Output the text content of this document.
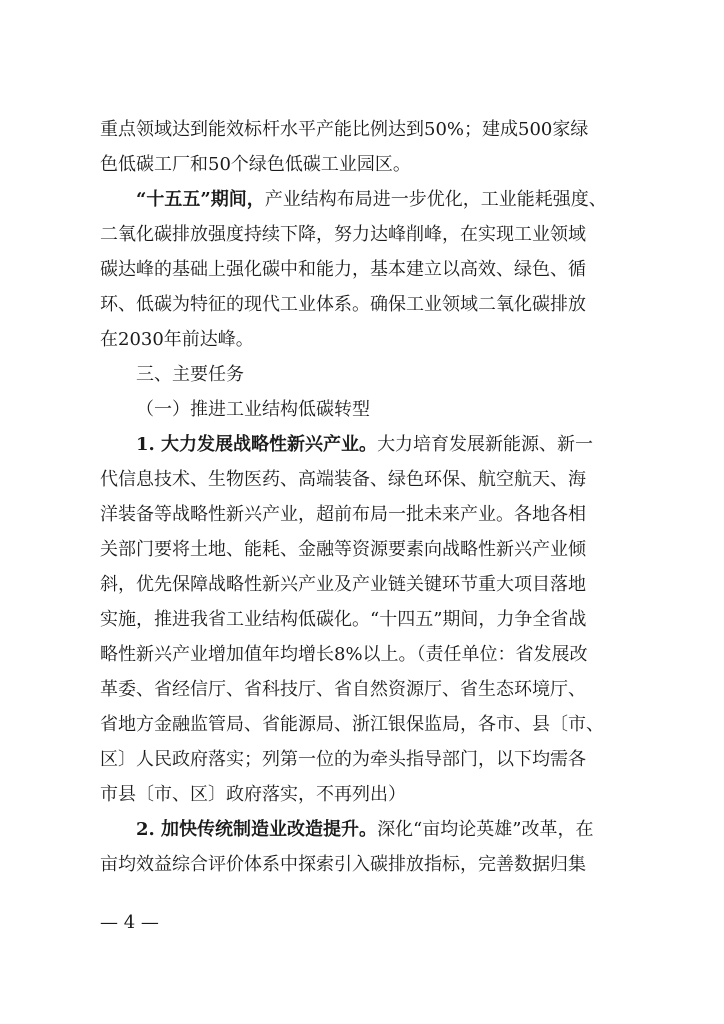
重点领域达到能效标杆水平产能比例达到50%；建成500家绿
色低碳工厂和50个绿色低碳工业园区。
“十五五”期间，产业结构布局进一步优化，工业能耗强度、
二氧化碳排放强度持续下降，努力达峰削峰，在实现工业领域
碳达峰的基础上强化碳中和能力，基本建立以高效、绿色、循
环、低碳为特征的现代工业体系。确保工业领域二氧化碳排放
在2030年前达峰。
三、主要任务
（一）推进工业结构低碳转型
1. 大力发展战略性新兴产业。大力培育发展新能源、新一
代信息技术、生物医药、高端装备、绿色环保、航空航天、海
洋装备等战略性新兴产业，超前布局一批未来产业。各地各相
关部门要将土地、能耗、金融等资源要素向战略性新兴产业倾
斜，优先保障战略性新兴产业及产业链关键环节重大项目落地
实施，推进我省工业结构低碳化。“十四五”期间，力争全省战
略性新兴产业增加值年均增长8%以上。（责任单位：省发展改
革委、省经信厅、省科技厅、省自然资源厅、省生态环境厅、
省地方金融监管局、省能源局、浙江银保监局，各市、县〔市、
区〕人民政府落实；列第一位的为牵头指导部门，以下均需各
市县〔市、区〕政府落实，不再列出）
2. 加快传统制造业改造提升。深化“亩均论英雄”改革，在
亩均效益综合评价体系中探索引入碳排放指标，完善数据归集
— 4 —
